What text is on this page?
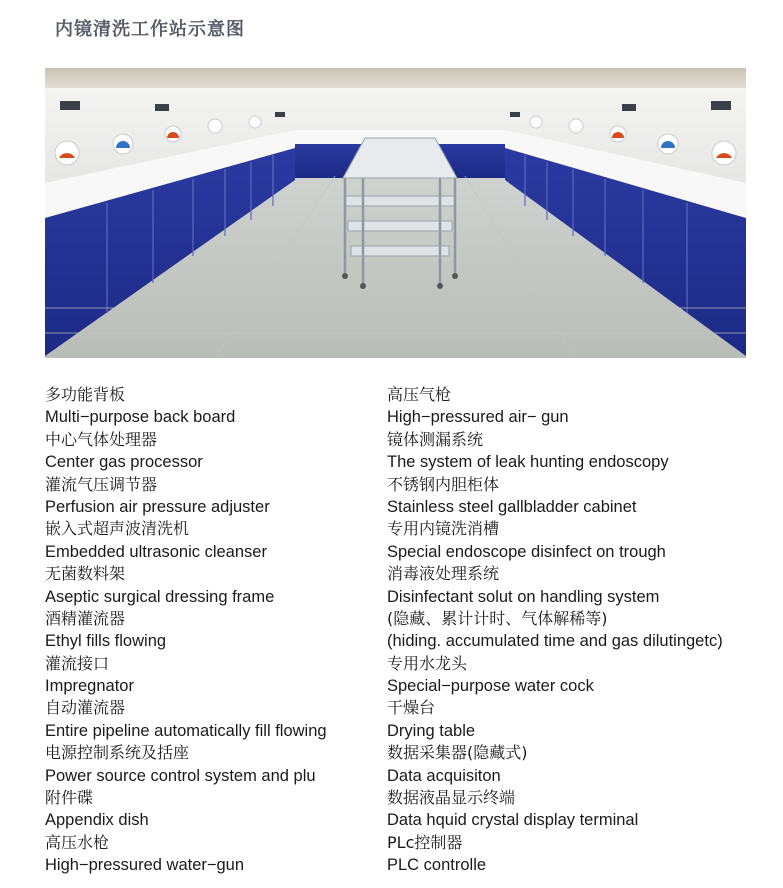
内镜清洗工作站示意图
多功能背板
Multi−purpose back board
中心气体处理器
Center gas processor
灌流气压调节器
Perfusion air pressure adjuster
嵌入式超声波清洗机
Embedded ultrasonic cleanser
无菌数料架
Aseptic surgical dressing frame
酒精灌流器
Ethyl fills flowing
灌流接口
Impregnator
自动灌流器
Entire pipeline automatically fill flowing
电源控制系统及括座
Power source control system and plu
附件碟
Appendix dish
高压水枪
High−pressured water−gun
高压气枪
High−pressured air− gun
镜体测漏系统
The system of leak hunting endoscopy
不锈钢内胆柜体
Stainless steel gallbladder cabinet
专用内镜洗消槽
Special endoscope disinfect on trough
消毒液处理系统
Disinfectant solut on handling system
(隐藏、累计计时、气体解稀等)
(hiding. accumulated time and gas dilutingetc)
专用水龙头
Special−purpose water cock
干燥台
Drying table
数据采集器(隐藏式)
Data acquisiton
数据液晶显示终端
Data hquid crystal display terminal
PLc控制器
PLC controlle
